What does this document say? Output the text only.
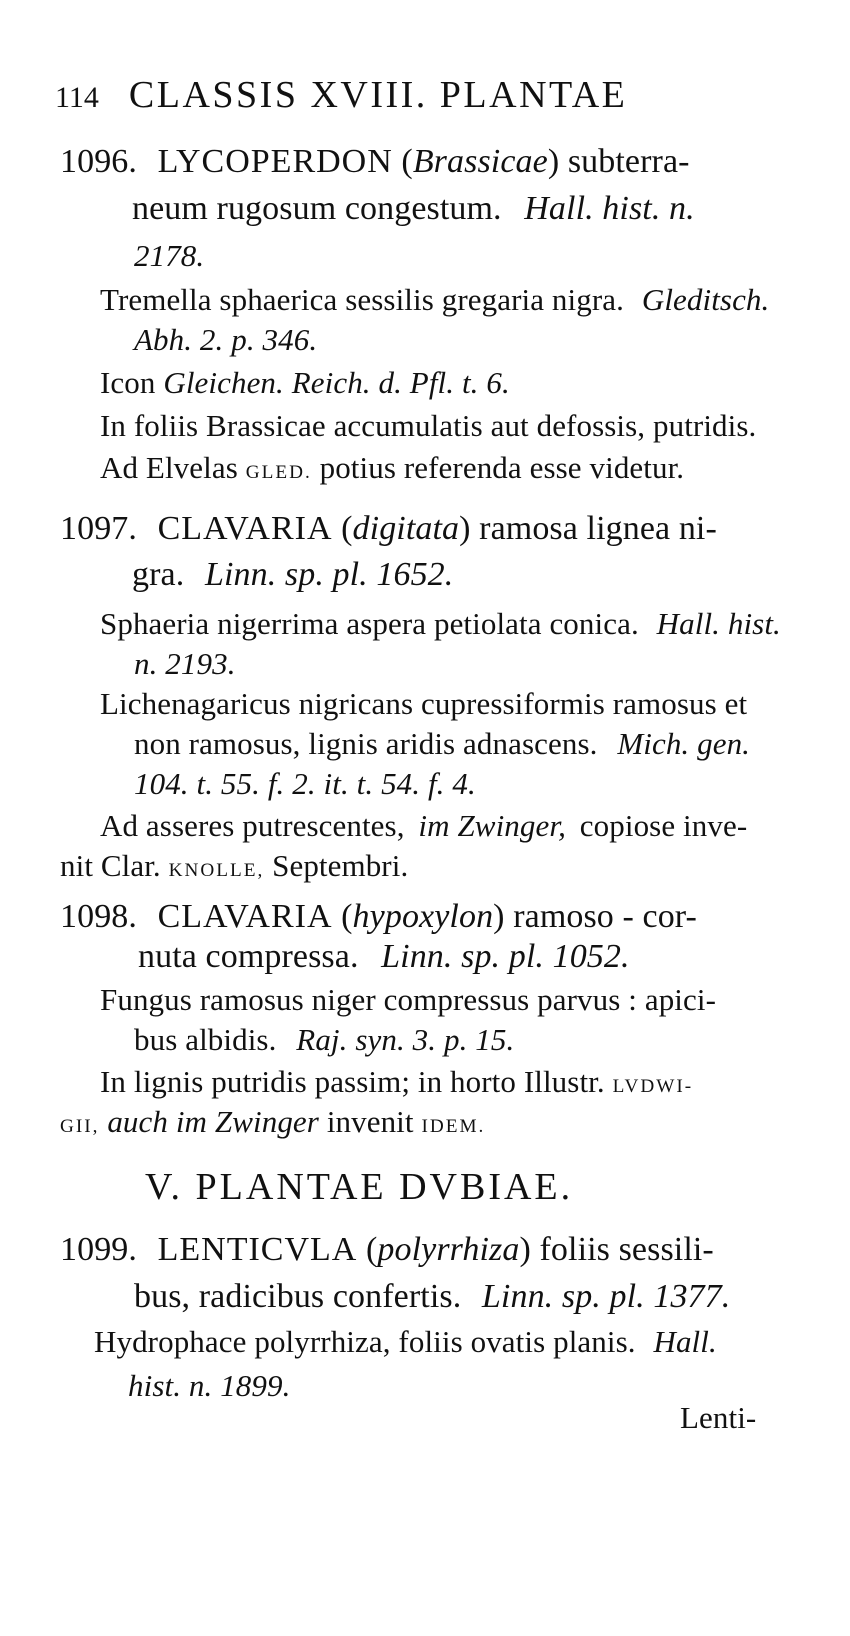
114 CLASSIS XVIII. PLANTAE
1096. LYCOPERDON (Brassicae) subterra-
neum rugosum congestum. Hall. hist. n.
2178.
Tremella sphaerica sessilis gregaria nigra. Gleditsch.
Abh. 2. p. 346.
Icon Gleichen. Reich. d. Pfl. t. 6.
In foliis Brassicae accumulatis aut defossis, putridis.
Ad Elvelas GLED. potius referenda esse videtur.
1097. CLAVARIA (digitata) ramosa lignea ni-
gra. Linn. sp. pl. 1652.
Sphaeria nigerrima aspera petiolata conica. Hall. hist.
n. 2193.
Lichenagaricus nigricans cupressiformis ramosus et
non ramosus, lignis aridis adnascens. Mich. gen.
104. t. 55. f. 2. it. t. 54. f. 4.
Ad asseres putrescentes, im Zwinger, copiose inve-
nit Clar. KNOLLE, Septembri.
1098. CLAVARIA (hypoxylon) ramoso - cor-
nuta compressa. Linn. sp. pl. 1052.
Fungus ramosus niger compressus parvus : apici-
bus albidis. Raj. syn. 3. p. 15.
In lignis putridis passim; in horto Illustr. LVDWI-
GII, auch im Zwinger invenit IDEM.
V. PLANTAE DVBIAE.
1099. LENTICVLA (polyrrhiza) foliis sessili-
bus, radicibus confertis. Linn. sp. pl. 1377.
Hydrophace polyrrhiza, foliis ovatis planis. Hall.
hist. n. 1899.
Lenti-
